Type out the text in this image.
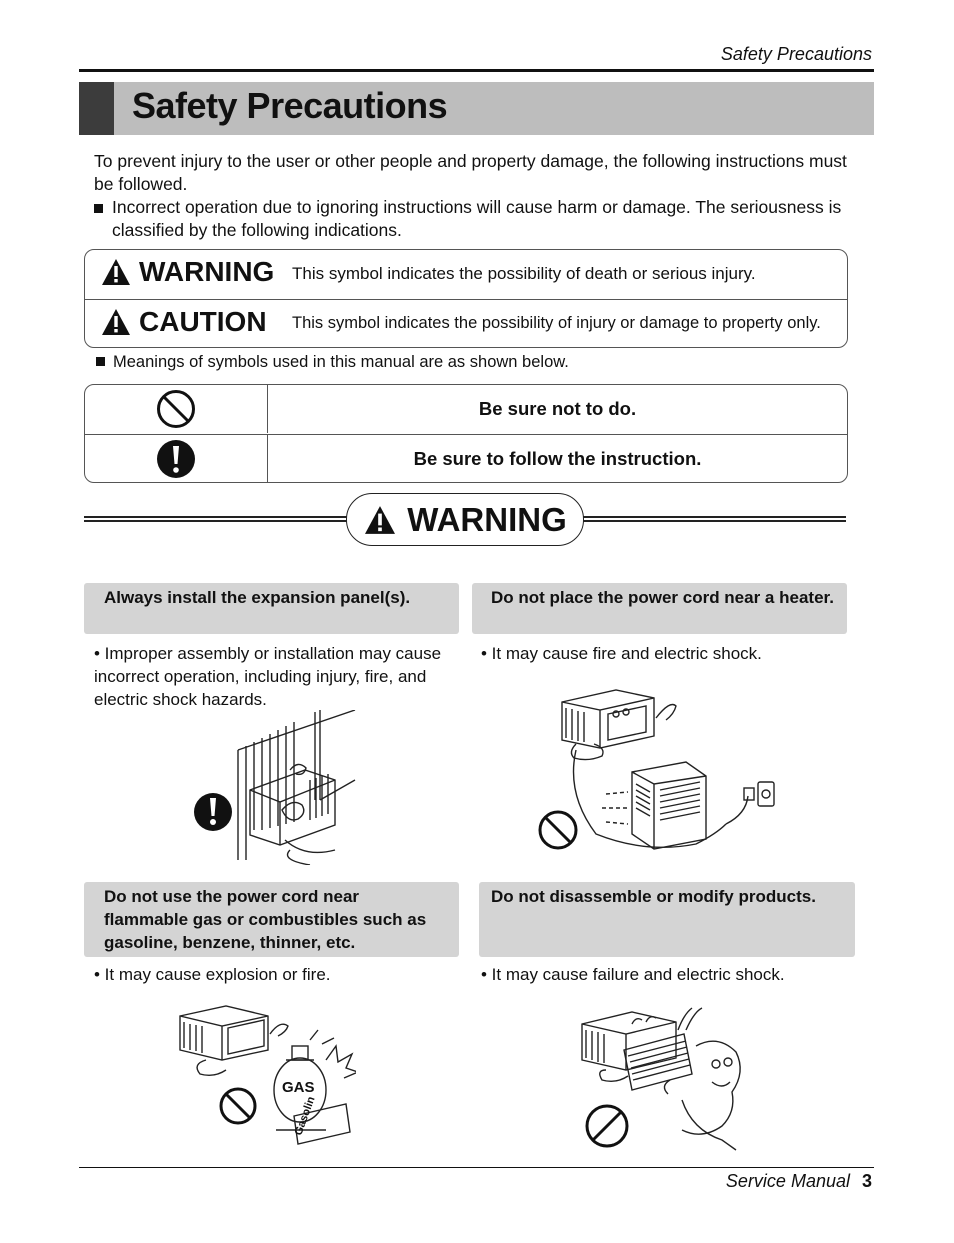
Safety Precautions
Safety Precautions
To prevent injury to the user or other people and property damage, the following instructions must be followed.
Incorrect operation due to ignoring instructions will cause harm or damage. The seriousness is classified by the following indications.
WARNING This symbol indicates the possibility of death or serious injury.
CAUTION This symbol indicates the possibility of injury or damage to property only.
Meanings of symbols used in this manual are as shown below.
Be sure not to do.
Be sure to follow the instruction.
WARNING
Always install the expansion panel(s).
• Improper assembly or installation may cause incorrect operation, including injury, fire, and electric shock hazards.
Do not place the power cord near a heater.
• It may cause fire and electric shock.
Do not use the power cord near flammable gas or combustibles such as gasoline, benzene, thinner, etc.
• It may cause explosion or fire.
GAS
Gasolin
Do not disassemble or modify products.
• It may cause failure and electric shock.
Service Manual 3
